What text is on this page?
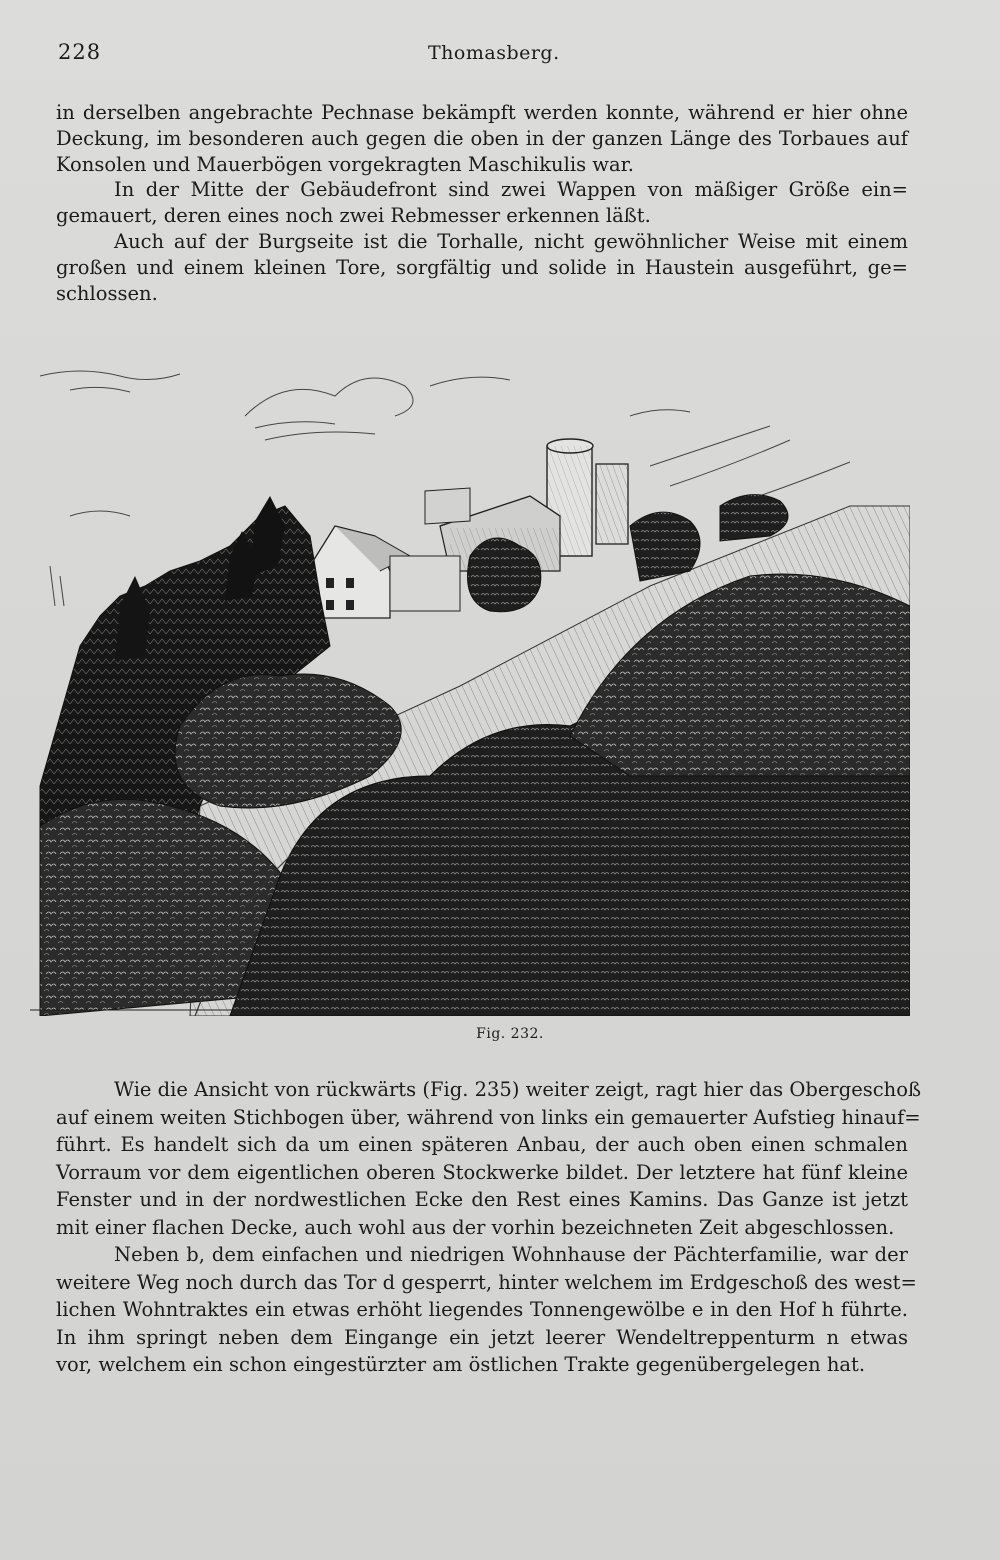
228	Thomasberg.
in derselben angebrachte Pechnase bekämpft werden konnte, während er hier ohne
Deckung, im besonderen auch gegen die oben in der ganzen Länge des Torbaues auf
Konsolen und Mauerbögen vorgekragten Maschikulis war.
In der Mitte der Gebäudefront sind zwei Wappen von mäßiger Größe ein=
gemauert, deren eines noch zwei Rebmesser erkennen läßt.
Auch auf der Burgseite ist die Torhalle, nicht gewöhnlicher Weise mit einem
großen und einem kleinen Tore, sorgfältig und solide in Haustein ausgeführt, ge=
schlossen.
Fig. 232.
Wie die Ansicht von rückwärts (Fig. 235) weiter zeigt, ragt hier das Obergeschoß
auf einem weiten Stichbogen über, während von links ein gemauerter Aufstieg hinauf=
führt. Es handelt sich da um einen späteren Anbau, der auch oben einen schmalen
Vorraum vor dem eigentlichen oberen Stockwerke bildet. Der letztere hat fünf kleine
Fenster und in der nordwestlichen Ecke den Rest eines Kamins. Das Ganze ist jetzt
mit einer flachen Decke, auch wohl aus der vorhin bezeichneten Zeit abgeschlossen.
Neben b, dem einfachen und niedrigen Wohnhause der Pächterfamilie, war der
weitere Weg noch durch das Tor d gesperrt, hinter welchem im Erdgeschoß des west=
lichen Wohntraktes ein etwas erhöht liegendes Tonnengewölbe e in den Hof h führte.
In ihm springt neben dem Eingange ein jetzt leerer Wendeltreppenturm n etwas
vor, welchem ein schon eingestürzter am östlichen Trakte gegenübergelegen hat.
